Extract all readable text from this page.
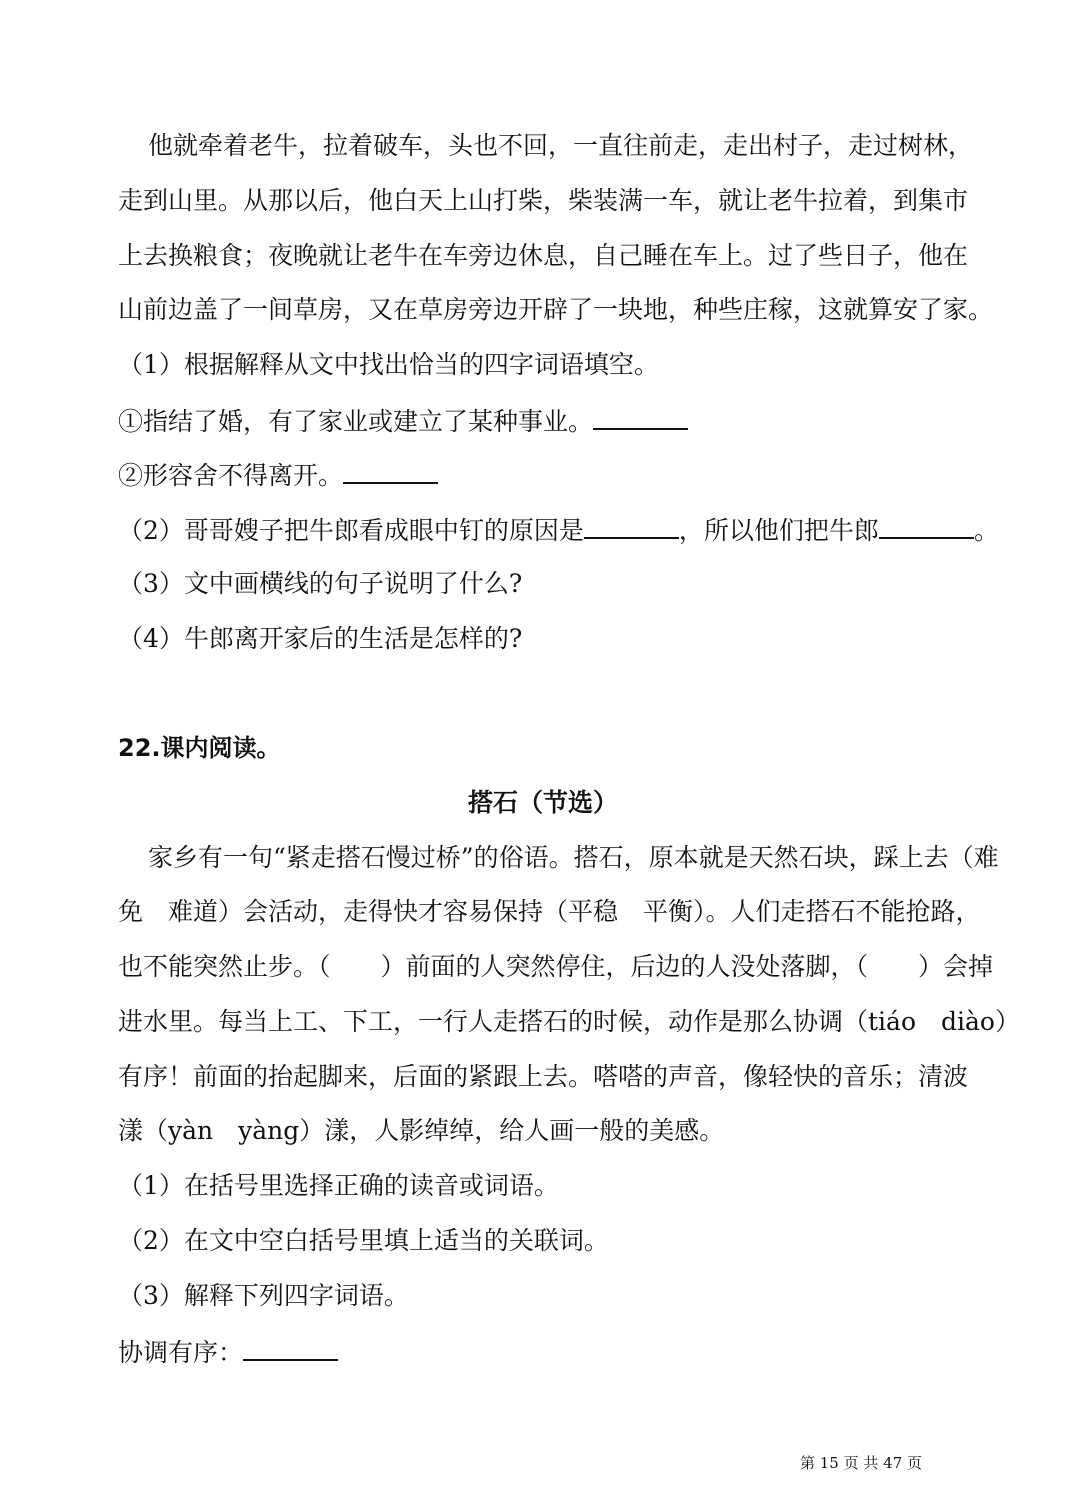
他就牵着老牛，拉着破车，头也不回，一直往前走，走出村子，走过树林，
走到山里。从那以后，他白天上山打柴，柴装满一车，就让老牛拉着，到集市
上去换粮食；夜晚就让老牛在车旁边休息，自己睡在车上。过了些日子，他在
山前边盖了一间草房，又在草房旁边开辟了一块地，种些庄稼，这就算安了家。
（1）根据解释从文中找出恰当的四字词语填空。
①指结了婚，有了家业或建立了某种事业。
②形容舍不得离开。
（2）哥哥嫂子把牛郎看成眼中钉的原因是	，所以他们把牛郎	。
（3）文中画横线的句子说明了什么?
（4）牛郎离开家后的生活是怎样的?
22.课内阅读。
搭石（节选）
家乡有一句“紧走搭石慢过桥”的俗语。搭石，原本就是天然石块，踩上去（难
免　难道）会活动，走得快才容易保持（平稳　平衡）。人们走搭石不能抢路，
也不能突然止步。（　　）前面的人突然停住，后边的人没处落脚，（　　）会掉
进水里。每当上工、下工，一行人走搭石的时候，动作是那么协调（tiáo　diào）
有序！前面的抬起脚来，后面的紧跟上去。嗒嗒的声音，像轻快的音乐；清波
漾（yàn　yàng）漾，人影绰绰，给人画一般的美感。
（1）在括号里选择正确的读音或词语。
（2）在文中空白括号里填上适当的关联词。
（3）解释下列四字词语。
协调有序：
第 15 页 共 47 页
